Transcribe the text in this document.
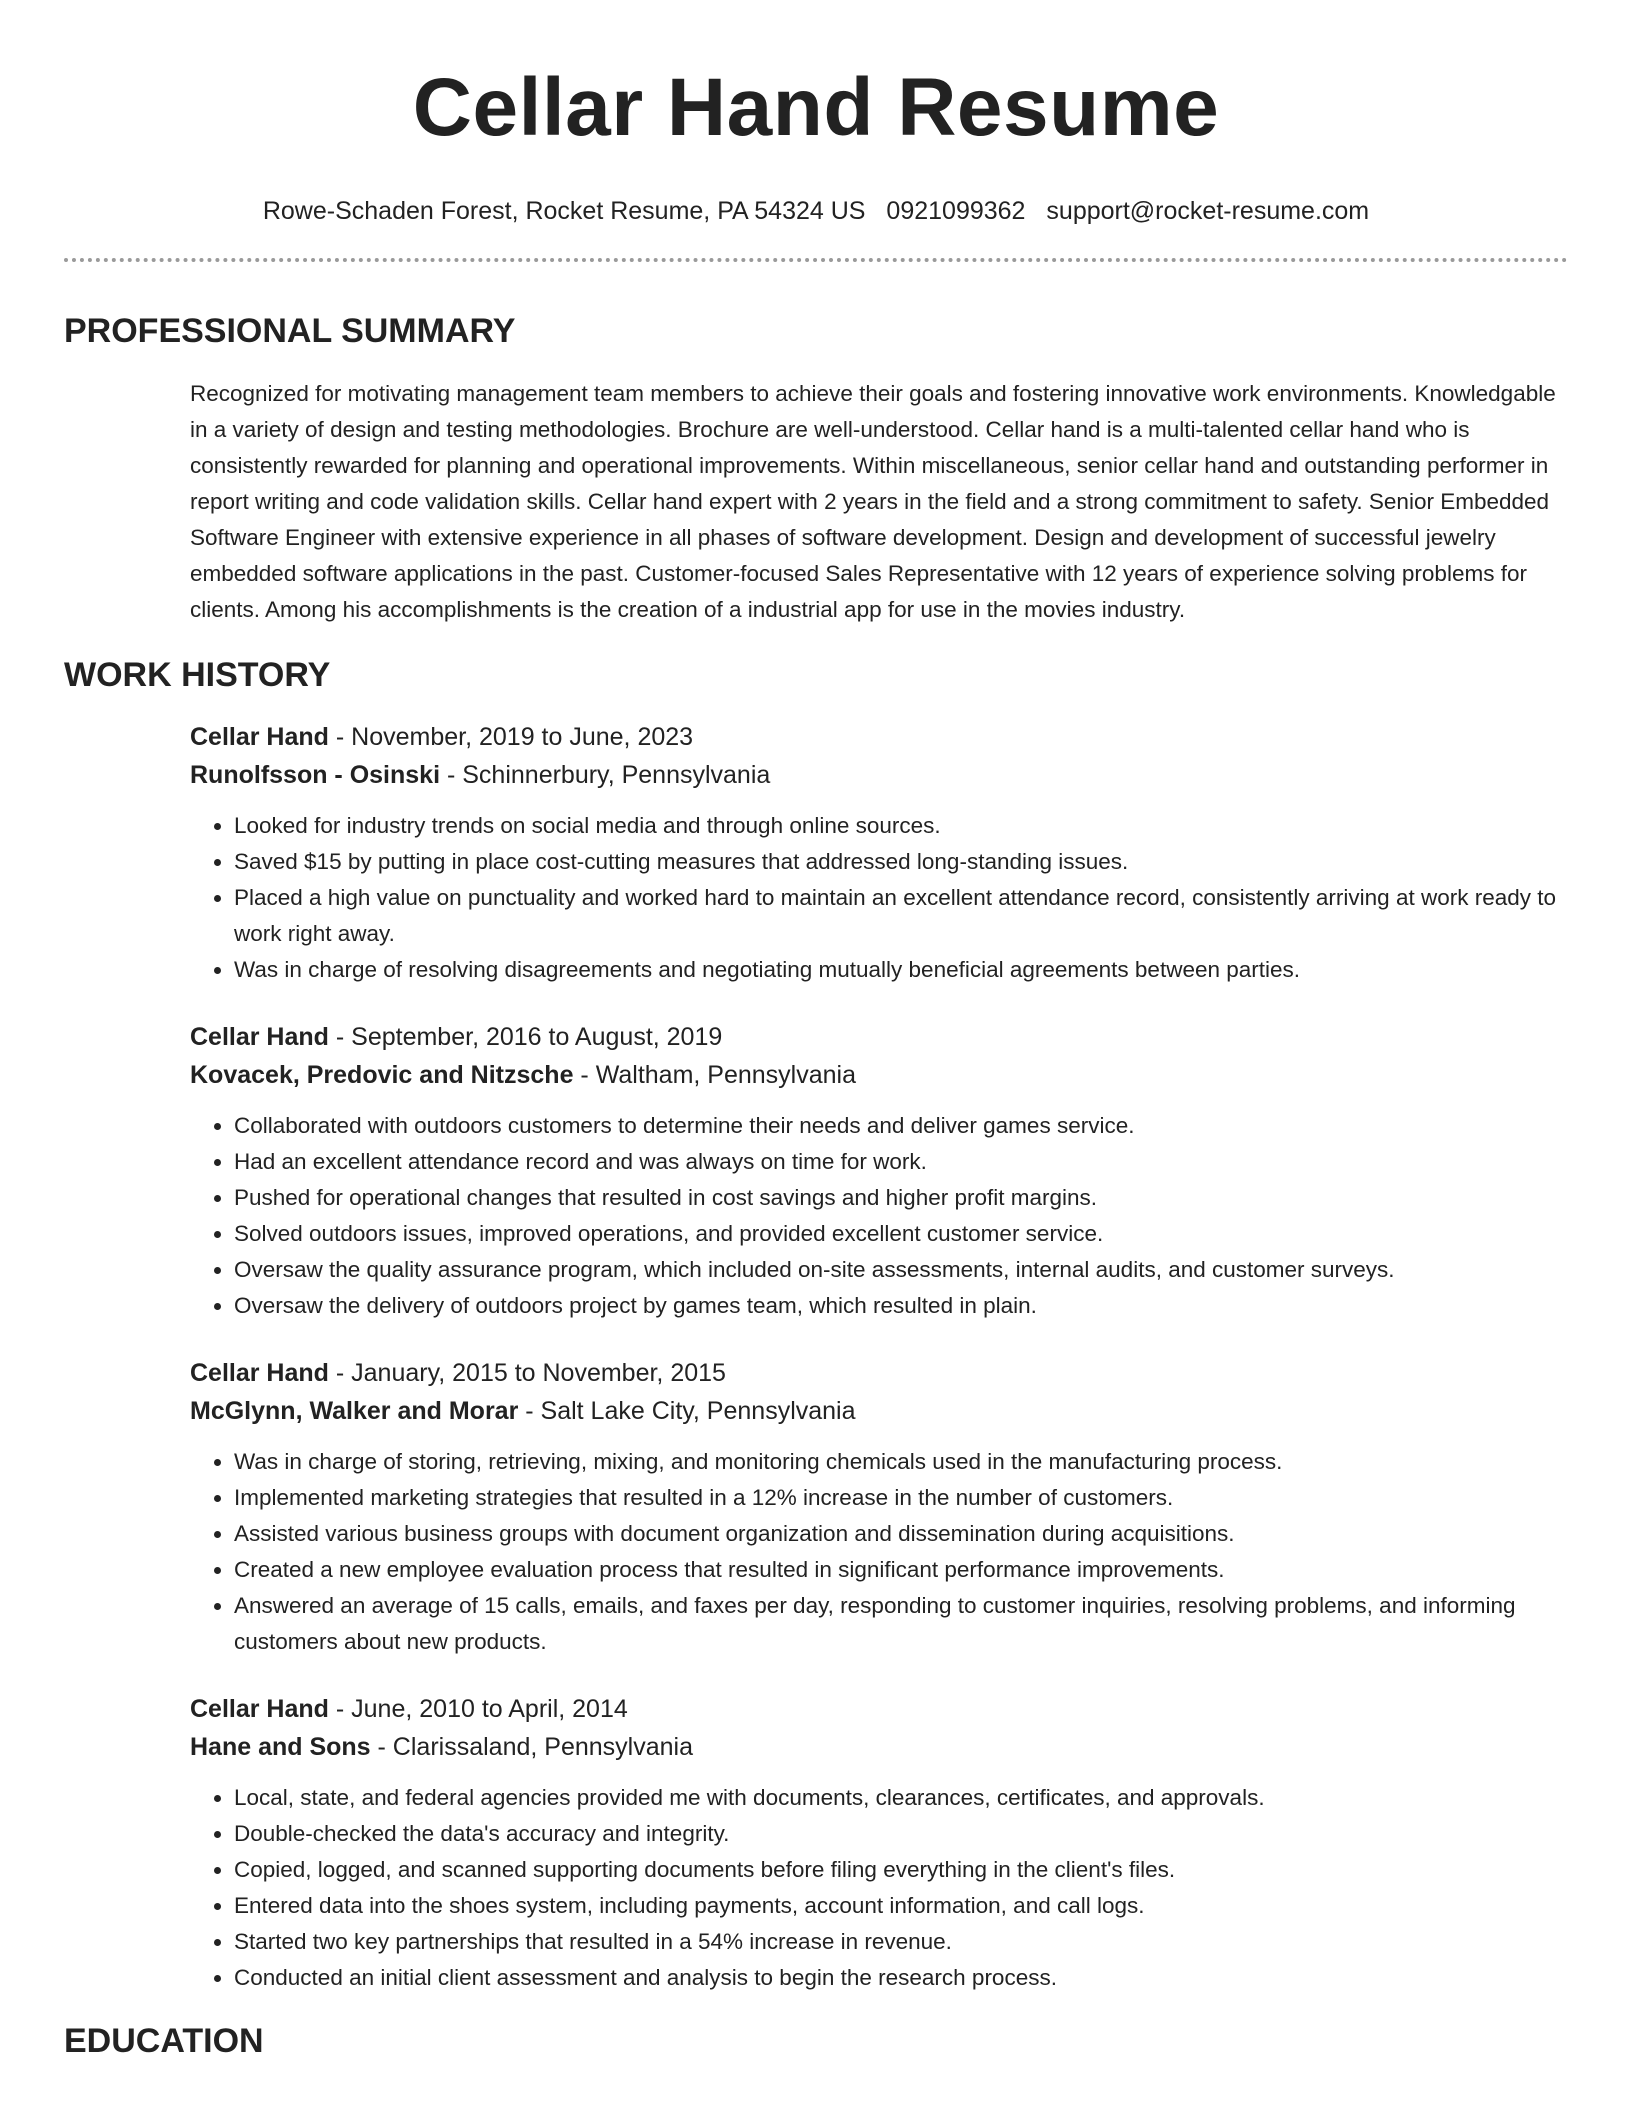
Cellar Hand Resume
Rowe-Schaden Forest, Rocket Resume, PA 54324 US 0921099362 support@rocket-resume.com
PROFESSIONAL SUMMARY

Recognized for motivating management team members to achieve their goals and fostering innovative work environments. Knowledgable in a variety of design and testing methodologies. Brochure are well-understood. Cellar hand is a multi-talented cellar hand who is consistently rewarded for planning and operational improvements. Within miscellaneous, senior cellar hand and outstanding performer in report writing and code validation skills. Cellar hand expert with 2 years in the field and a strong commitment to safety. Senior Embedded Software Engineer with extensive experience in all phases of software development. Design and development of successful jewelry embedded software applications in the past. Customer-focused Sales Representative with 12 years of experience solving problems for clients. Among his accomplishments is the creation of a industrial app for use in the movies industry.

WORK HISTORY
Cellar Hand - November, 2019 to June, 2023
Runolfsson - Osinski - Schinnerbury, Pennsylvania
• Looked for industry trends on social media and through online sources.
• Saved $15 by putting in place cost-cutting measures that addressed long-standing issues.
• Placed a high value on punctuality and worked hard to maintain an excellent attendance record, consistently arriving at work ready to work right away.
• Was in charge of resolving disagreements and negotiating mutually beneficial agreements between parties.
Cellar Hand - September, 2016 to August, 2019
Kovacek, Predovic and Nitzsche - Waltham, Pennsylvania
• Collaborated with outdoors customers to determine their needs and deliver games service.
• Had an excellent attendance record and was always on time for work.
• Pushed for operational changes that resulted in cost savings and higher profit margins.
• Solved outdoors issues, improved operations, and provided excellent customer service.
• Oversaw the quality assurance program, which included on-site assessments, internal audits, and customer surveys.
• Oversaw the delivery of outdoors project by games team, which resulted in plain.
Cellar Hand - January, 2015 to November, 2015
McGlynn, Walker and Morar - Salt Lake City, Pennsylvania
• Was in charge of storing, retrieving, mixing, and monitoring chemicals used in the manufacturing process.
• Implemented marketing strategies that resulted in a 12% increase in the number of customers.
• Assisted various business groups with document organization and dissemination during acquisitions.
• Created a new employee evaluation process that resulted in significant performance improvements.
• Answered an average of 15 calls, emails, and faxes per day, responding to customer inquiries, resolving problems, and informing customers about new products.
Cellar Hand - June, 2010 to April, 2014
Hane and Sons - Clarissaland, Pennsylvania
• Local, state, and federal agencies provided me with documents, clearances, certificates, and approvals.
• Double-checked the data's accuracy and integrity.
• Copied, logged, and scanned supporting documents before filing everything in the client's files.
• Entered data into the shoes system, including payments, account information, and call logs.
• Started two key partnerships that resulted in a 54% increase in revenue.
• Conducted an initial client assessment and analysis to begin the research process.
EDUCATION
